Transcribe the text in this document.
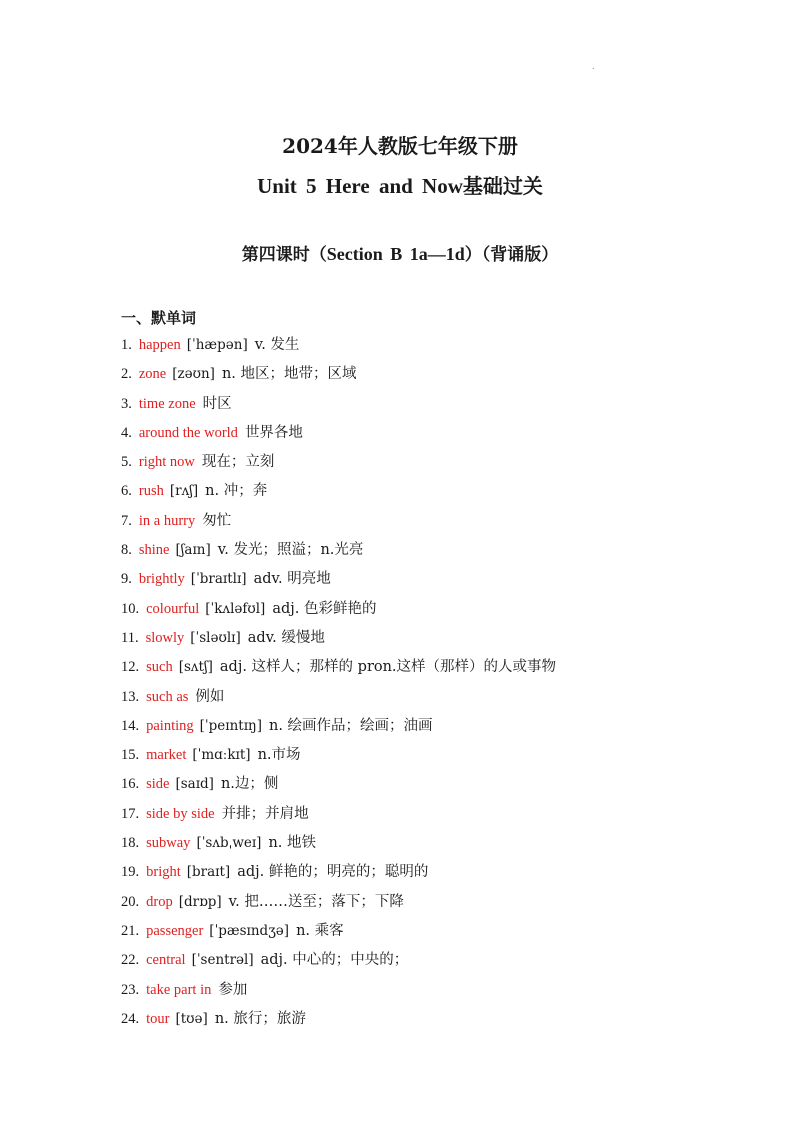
.
2024年人教版七年级下册
Unit 5 Here and Now基础过关
第四课时（Section B 1a—1d）（背诵版）
一、默单词
1. happen [ˈhæpən] v. 发生
2. zone [zəʊn] n. 地区；地带；区域
3. time zone 时区
4. around the world 世界各地
5. right now 现在；立刻
6. rush [rʌʃ] n. 冲；奔
7. in a hurry 匆忙
8. shine [ʃaɪn] v. 发光；照溢；n.光亮
9. brightly [ˈbraɪtlɪ] adv. 明亮地
10. colourful [ˈkʌləfʊl] adj. 色彩鲜艳的
11. slowly [ˈsləʊlɪ] adv. 缓慢地
12. such [sʌtʃ] adj. 这样人；那样的 pron.这样（那样）的人或事物
13. such as 例如
14. painting [ˈpeɪntɪŋ] n. 绘画作品；绘画；油画
15. market [ˈmɑːkɪt] n.市场
16. side [saɪd] n.边；侧
17. side by side 并排；并肩地
18. subway [ˈsʌbˌweɪ] n. 地铁
19. bright [braɪt] adj. 鲜艳的；明亮的；聪明的
20. drop [drɒp] v. 把……送至；落下；下降
21. passenger [ˈpæsɪndʒə] n. 乘客
22. central [ˈsentrəl] adj. 中心的；中央的；
23. take part in 参加
24. tour [tʊə] n. 旅行；旅游
